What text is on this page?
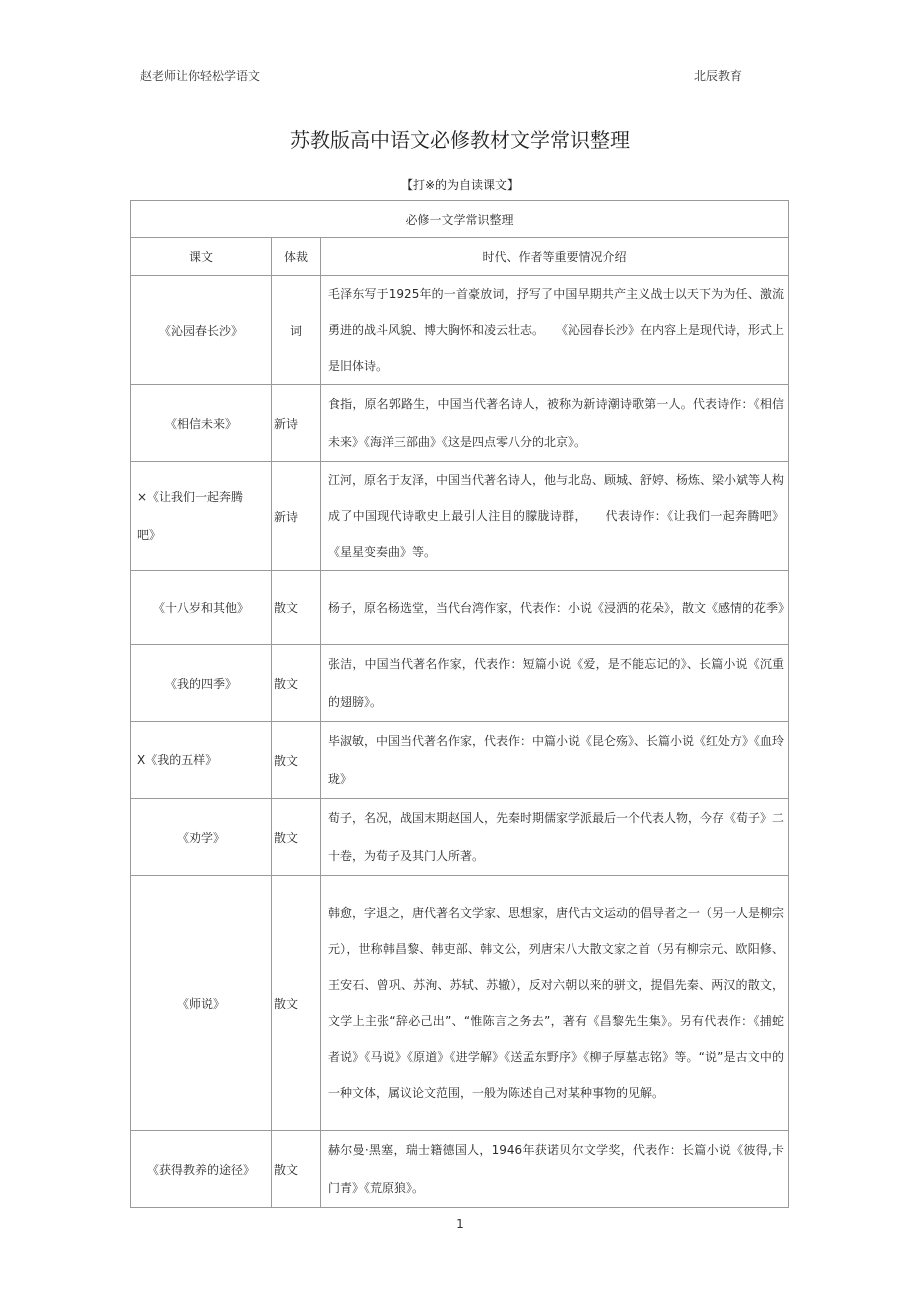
赵老师让你轻松学语文	北辰教育
苏教版高中语文必修教材文学常识整理
【打※的为自读课文】
必修一文学常识整理		
课文	体裁	时代、作者等重要情况介绍
《沁园春长沙》	词	毛泽东写于1925年的一首豪放词，抒写了中国早期共产主义战士以天下为为任、激流勇进的战斗风貌、博大胸怀和凌云壮志。　　《沁园春长沙》在内容上是现代诗，形式上是旧体诗。
《相信未来》	新诗	食指，原名郭路生，中国当代著名诗人，被称为新诗潮诗歌第一人。代表诗作：《相信未来》《海洋三部曲》《这是四点零八分的北京》。

×《让我们一起奔腾
吧》	新诗	江河，原名于友泽，中国当代著名诗人，他与北岛、顾城、舒婷、杨炼、梁小斌等人构成了中国现代诗歌史上最引人注目的朦胧诗群，　　代表诗作：《让我们一起奔腾吧》《星星变奏曲》等。
《十八岁和其他》	散文	杨子，原名杨选堂，当代台湾作家，代表作：小说《浸洒的花朵》，散文《感情的花季》
《我的四季》	散文	张洁，中国当代著名作家，代表作：短篇小说《爱，是不能忘记的》、长篇小说《沉重的翅膀》。

X《我的五样》	散文	毕淑敏，中国当代著名作家，代表作：中篇小说《昆仑殇》、长篇小说《红处方》《血玲珑》
《劝学》	散文	荀子，名况，战国末期赵国人，先秦时期儒家学派最后一个代表人物，今存《荀子》二十卷，为荀子及其门人所著。
《师说》	散文	韩愈，字退之，唐代著名文学家、思想家，唐代古文运动的倡导者之一（另一人是柳宗元），世称韩昌黎、韩吏部、韩文公，列唐宋八大散文家之首（另有柳宗元、欧阳修、王安石、曾巩、苏洵、苏轼、苏辙），反对六朝以来的骈文，提倡先秦、两汉的散文，文学上主张“辞必己出”、“惟陈言之务去”，著有《昌黎先生集》。另有代表作：《捕蛇者说》《马说》《原道》《进学解》《送孟东野序》《柳子厚墓志铭》等。“说”是古文中的一种文体，属议论文范围，一般为陈述自己对某种事物的见解。
《获得教养的途径》	散文	赫尔曼·黑塞，瑞士籍德国人，1946年获诺贝尔文学奖，代表作：长篇小说《彼得,卡门青》《荒原狼》。
1
